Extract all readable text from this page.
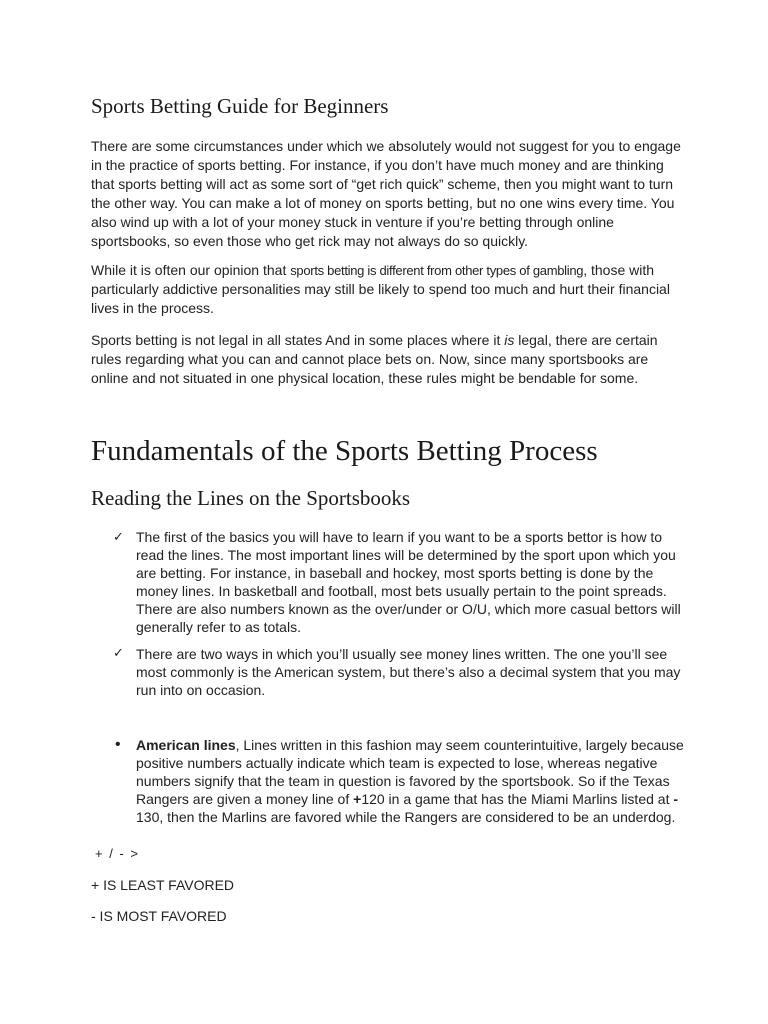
Sports Betting Guide for Beginners

There are some circumstances under which we absolutely would not suggest for you to engage in the practice of sports betting. For instance, if you don’t have much money and are thinking that sports betting will act as some sort of “get rich quick” scheme, then you might want to turn the other way. You can make a lot of money on sports betting, but no one wins every time. You also wind up with a lot of your money stuck in venture if you’re betting through online sportsbooks, so even those who get rick may not always do so quickly.

While it is often our opinion that sports betting is different from other types of gambling, those with particularly addictive personalities may still be likely to spend too much and hurt their financial lives in the process.

Sports betting is not legal in all states And in some places where it is legal, there are certain rules regarding what you can and cannot place bets on. Now, since many sportsbooks are online and not situated in one physical location, these rules might be bendable for some.

Fundamentals of the Sports Betting Process
Reading the Lines on the Sportsbooks
✓ The first of the basics you will have to learn if you want to be a sports bettor is how to read the lines. The most important lines will be determined by the sport upon which you are betting. For instance, in baseball and hockey, most sports betting is done by the money lines. In basketball and football, most bets usually pertain to the point spreads. There are also numbers known as the over/under or O/U, which more casual bettors will generally refer to as totals.

✓ There are two ways in which you’ll usually see money lines written. The one you’ll see most commonly is the American system, but there’s also a decimal system that you may run into on occasion.

• American lines, Lines written in this fashion may seem counterintuitive, largely because positive numbers actually indicate which team is expected to lose, whereas negative numbers signify that the team in question is favored by the sportsbook. So if the Texas Rangers are given a money line of +120 in a game that has the Miami Marlins listed at - 130, then the Marlins are favored while the Rangers are considered to be an underdog.

+ / - >
+ IS LEAST FAVORED
- IS MOST FAVORED
